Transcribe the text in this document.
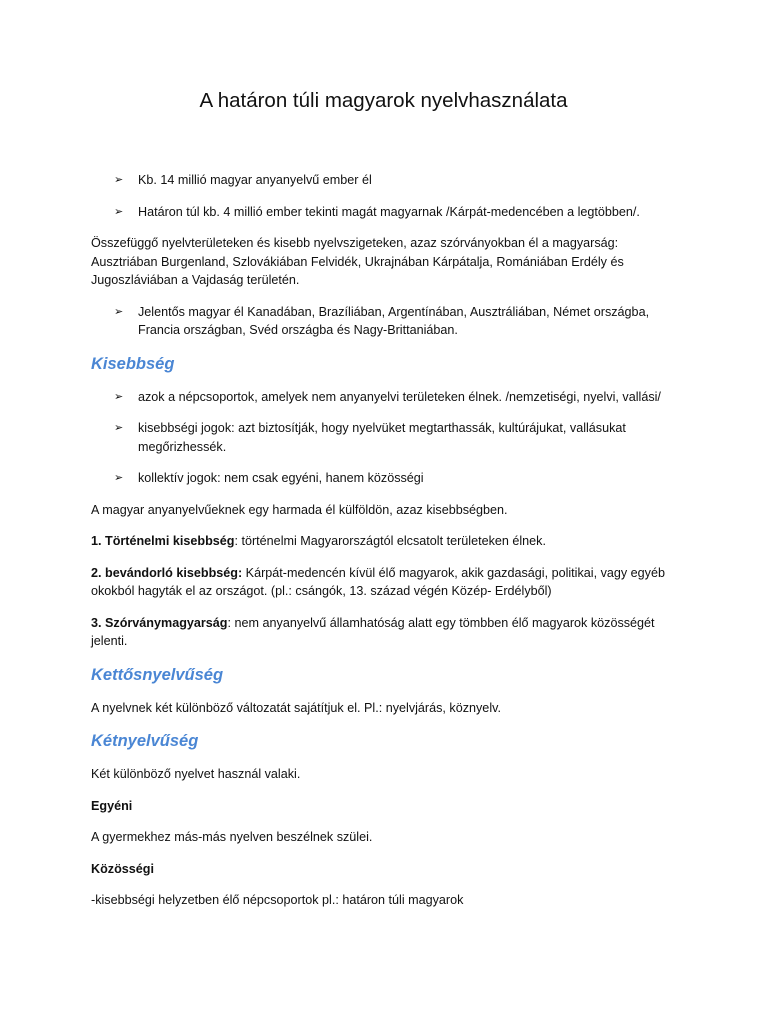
A határon túli magyarok nyelvhasználata
➢ Kb. 14 millió magyar anyanyelvű ember él
➢ Határon túl kb. 4 millió ember tekinti magát magyarnak /Kárpát-medencében a legtöbben/.

Összefüggő nyelvterületeken és kisebb nyelvszigeteken, azaz szórványokban él a magyarság: Ausztriában Burgenland, Szlovákiában Felvidék, Ukrajnában Kárpátalja, Romániában Erdély és Jugoszláviában a Vajdaság területén.

➢ Jelentős magyar él Kanadában, Brazíliában, Argentínában, Ausztráliában, Német országba, Francia országban, Svéd országba és Nagy-Brittaniában.
Kisebbség
➢ azok a népcsoportok, amelyek nem anyanyelvi területeken élnek. /nemzetiségi, nyelvi, vallási/
➢ kisebbségi jogok: azt biztosítják, hogy nyelvüket megtarthassák, kultúrájukat, vallásukat megőrizhessék.
➢ kollektív jogok: nem csak egyéni, hanem közösségi

A magyar anyanyelvűeknek egy harmada él külföldön, azaz kisebbségben.

1. Történelmi kisebbség: történelmi Magyarországtól elcsatolt területeken élnek.

2. bevándorló kisebbség: Kárpát-medencén kívül élő magyarok, akik gazdasági, politikai, vagy egyéb okokból hagyták el az országot. (pl.: csángók, 13. század végén Közép- Erdélyből)

3. Szórványmagyarság: nem anyanyelvű államhatóság alatt egy tömbben élő magyarok közösségét jelenti.

Kettősnyelvűség

A nyelvnek két különböző változatát sajátítjuk el. Pl.: nyelvjárás, köznyelv.

Kétnyelvűség

Két különböző nyelvet használ valaki.

Egyéni

A gyermekhez más-más nyelven beszélnek szülei.

Közösségi

-kisebbségi helyzetben élő népcsoportok pl.: határon túli magyarok
